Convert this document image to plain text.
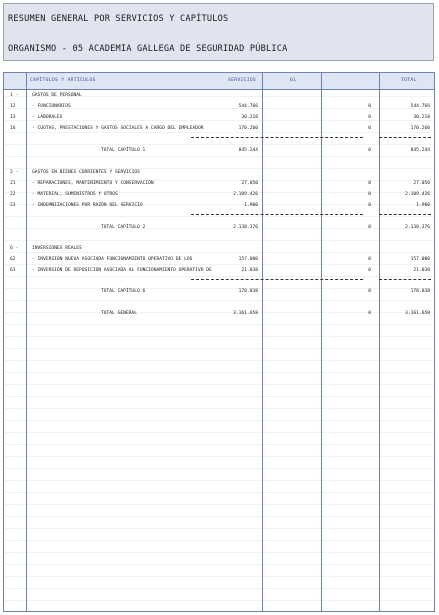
RESUMEN GENERAL POR SERVICIOS Y CAPÍTULOS
ORGANISMO - 05 ACADEMIA GALLEGA DE SEGURIDAD PÚBLICA
CAPÍTULOS Y ARTÍCULOS	SERVICIOS	61	TOTAL
1 -	GASTOS DE PERSONAL
12	- FUNCIONARIOS	544.766	0	544.766
13	- LABORALES	30.218	0	30.218
16	- CUOTAS, PRESTACIONES Y GASTOS SOCIALES A CARGO DEL EMPLEADOR	170.260	0	170.260
TOTAL CAPÍTULO 1	845.244	0	845.244
2 -	GASTOS EN BIENES CORRIENTES Y SERVICIOS
21	- REPARACIONES, MANTENIMIENTO Y CONSERVACIÓN	27.050	0	27.050
22	- MATERIAL, SUMINISTROS Y OTROS	2.109.426	0	2.109.426
23	- INDEMNIZACIONES POR RAZÓN DEL SERVICIO	1.900	0	1.900
TOTAL CAPÍTULO 2	2.138.376	0	2.138.376
6 -	INVERSIONES REALES
62	- INVERSIÓN NUEVA ASOCIADA FUNCIONAMIENTO OPERATIVO DE LOS	157.000	0	157.000
63	- INVERSIÓN DE REPOSICIÓN ASOCIADA AL FUNCIONAMIENTO OPERATIVO DE	21.038	0	21.038
TOTAL CAPÍTULO 6	178.038	0	178.038
TOTAL GENERAL	3.161.658	0	3.161.658
